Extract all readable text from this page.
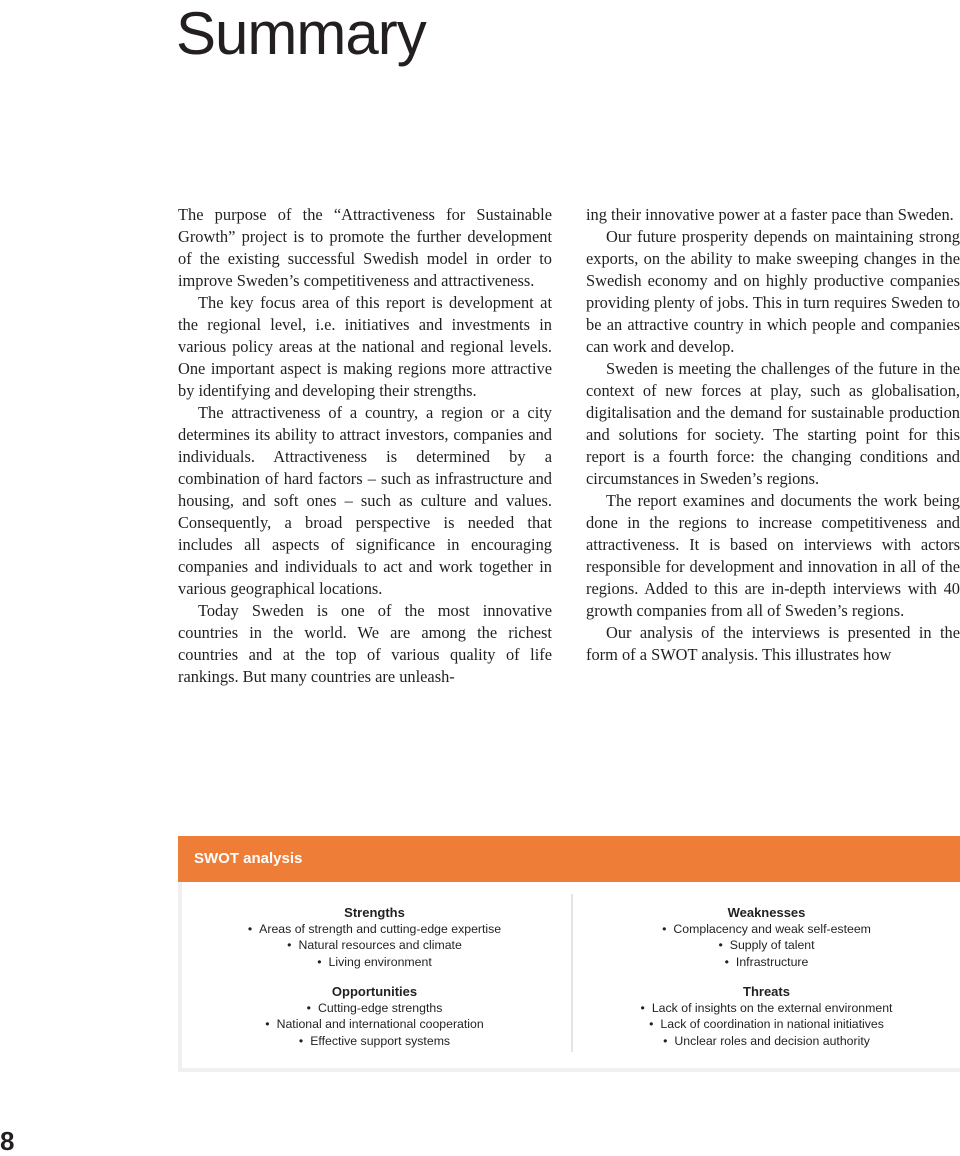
Summary

The purpose of the “Attractiveness for Sustainable Growth” project is to promote the further development of the existing successful Swedish model in order to improve Sweden’s competitiveness and attractiveness.

The key focus area of this report is development at the regional level, i.e. initiatives and investments in various policy areas at the national and regional levels. One important aspect is making regions more attractive by identifying and developing their strengths.

The attractiveness of a country, a region or a city determines its ability to attract investors, companies and individuals. Attractiveness is determined by a combination of hard factors – such as infrastructure and housing, and soft ones – such as culture and values. Consequently, a broad perspective is needed that includes all aspects of significance in encouraging companies and individuals to act and work together in various geographical locations.

Today Sweden is one of the most innovative countries in the world. We are among the richest countries and at the top of various quality of life rankings. But many countries are unleash-

ing their innovative power at a faster pace than Sweden.

Our future prosperity depends on maintaining strong exports, on the ability to make sweeping changes in the Swedish economy and on highly productive companies providing plenty of jobs. This in turn requires Sweden to be an attractive country in which people and companies can work and develop.

Sweden is meeting the challenges of the future in the context of new forces at play, such as globalisation, digitalisation and the demand for sustainable production and solutions for society. The starting point for this report is a fourth force: the changing conditions and circumstances in Sweden’s regions.

The report examines and documents the work being done in the regions to increase competitiveness and attractiveness. It is based on interviews with actors responsible for development and innovation in all of the regions. Added to this are in-depth interviews with 40 growth companies from all of Sweden’s regions.

Our analysis of the interviews is presented in the form of a SWOT analysis. This illustrates how

SWOT analysis
Strengths
• Areas of strength and cutting-edge expertise
• Natural resources and climate
• Living environment
Weaknesses
• Complacency and weak self-esteem
• Supply of talent
• Infrastructure
Opportunities
• Cutting-edge strengths
• National and international cooperation
• Effective support systems
Threats
• Lack of insights on the external environment
• Lack of coordination in national initiatives
• Unclear roles and decision authority
8
